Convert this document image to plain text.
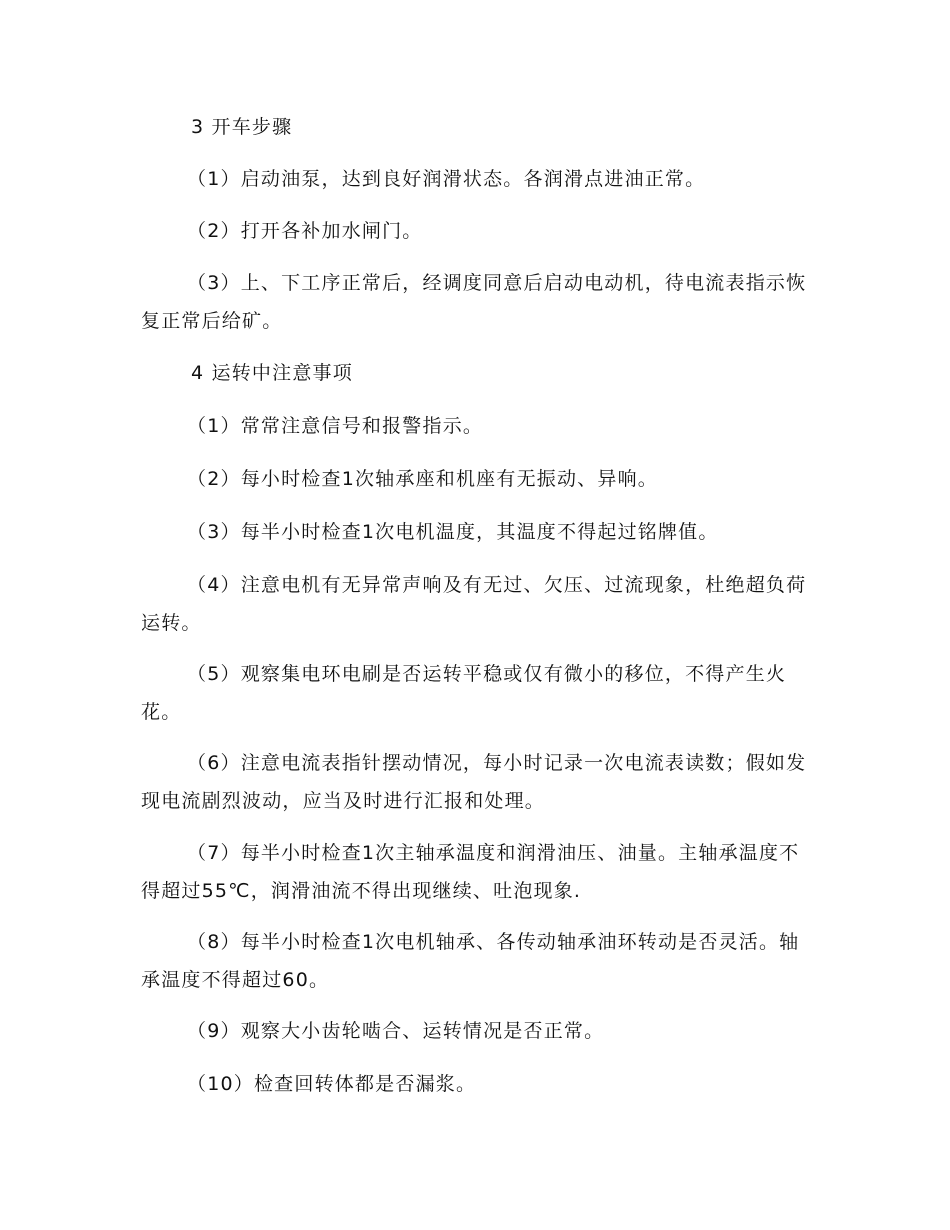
3 开车步骤

（1）启动油泵，达到良好润滑状态。各润滑点进油正常。

（2）打开各补加水闸门。

（3）上、下工序正常后，经调度同意后启动电动机，待电流表指示恢复正常后给矿。

4 运转中注意事项

（1）常常注意信号和报警指示。

（2）每小时检查1次轴承座和机座有无振动、异响。

（3）每半小时检查1次电机温度，其温度不得起过铭牌值。

（4）注意电机有无异常声响及有无过、欠压、过流现象，杜绝超负荷运转。

（5）观察集电环电刷是否运转平稳或仅有微小的移位，不得产生火花。

（6）注意电流表指针摆动情况，每小时记录一次电流表读数；假如发现电流剧烈波动，应当及时进行汇报和处理。

（7）每半小时检查1次主轴承温度和润滑油压、油量。主轴承温度不得超过55℃，润滑油流不得出现继续、吐泡现象.

（8）每半小时检查1次电机轴承、各传动轴承油环转动是否灵活。轴承温度不得超过60。

（9）观察大小齿轮啮合、运转情况是否正常。

（10）检查回转体都是否漏浆。
